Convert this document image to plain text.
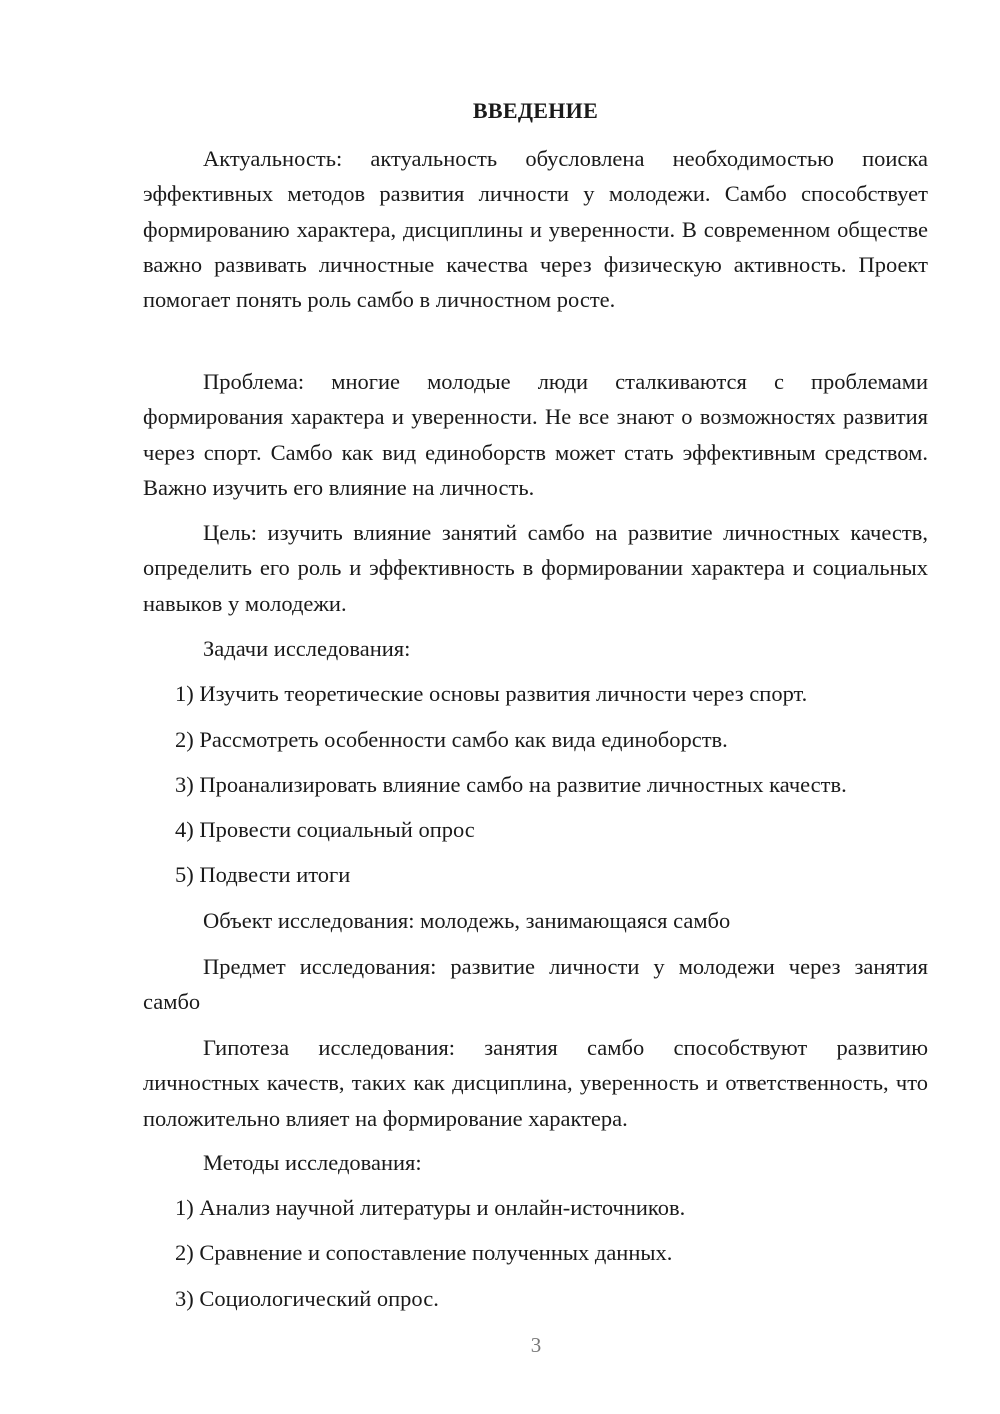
ВВЕДЕНИЕ

Актуальность: актуальность обусловлена необходимостью поиска эффективных методов развития личности у молодежи. Самбо способствует формированию характера, дисциплины и уверенности. В современном обществе важно развивать личностные качества через физическую активность. Проект помогает понять роль самбо в личностном росте.

Проблема: многие молодые люди сталкиваются с проблемами формирования характера и уверенности. Не все знают о возможностях развития через спорт. Самбо как вид единоборств может стать эффективным средством. Важно изучить его влияние на личность.

Цель: изучить влияние занятий самбо на развитие личностных качеств, определить его роль и эффективность в формировании характера и социальных навыков у молодежи.

Задачи исследования:

1) Изучить теоретические основы развития личности через спорт.

2) Рассмотреть особенности самбо как вида единоборств.

3) Проанализировать влияние самбо на развитие личностных качеств.

4) Провести социальный опрос

5) Подвести итоги

Объект исследования: молодежь, занимающаяся самбо

Предмет исследования: развитие личности у молодежи через занятия самбо

Гипотеза исследования: занятия самбо способствуют развитию личностных качеств, таких как дисциплина, уверенность и ответственность, что положительно влияет на формирование характера.

Методы исследования:

1) Анализ научной литературы и онлайн-источников.

2) Сравнение и сопоставление полученных данных.

3) Социологический опрос.

3
